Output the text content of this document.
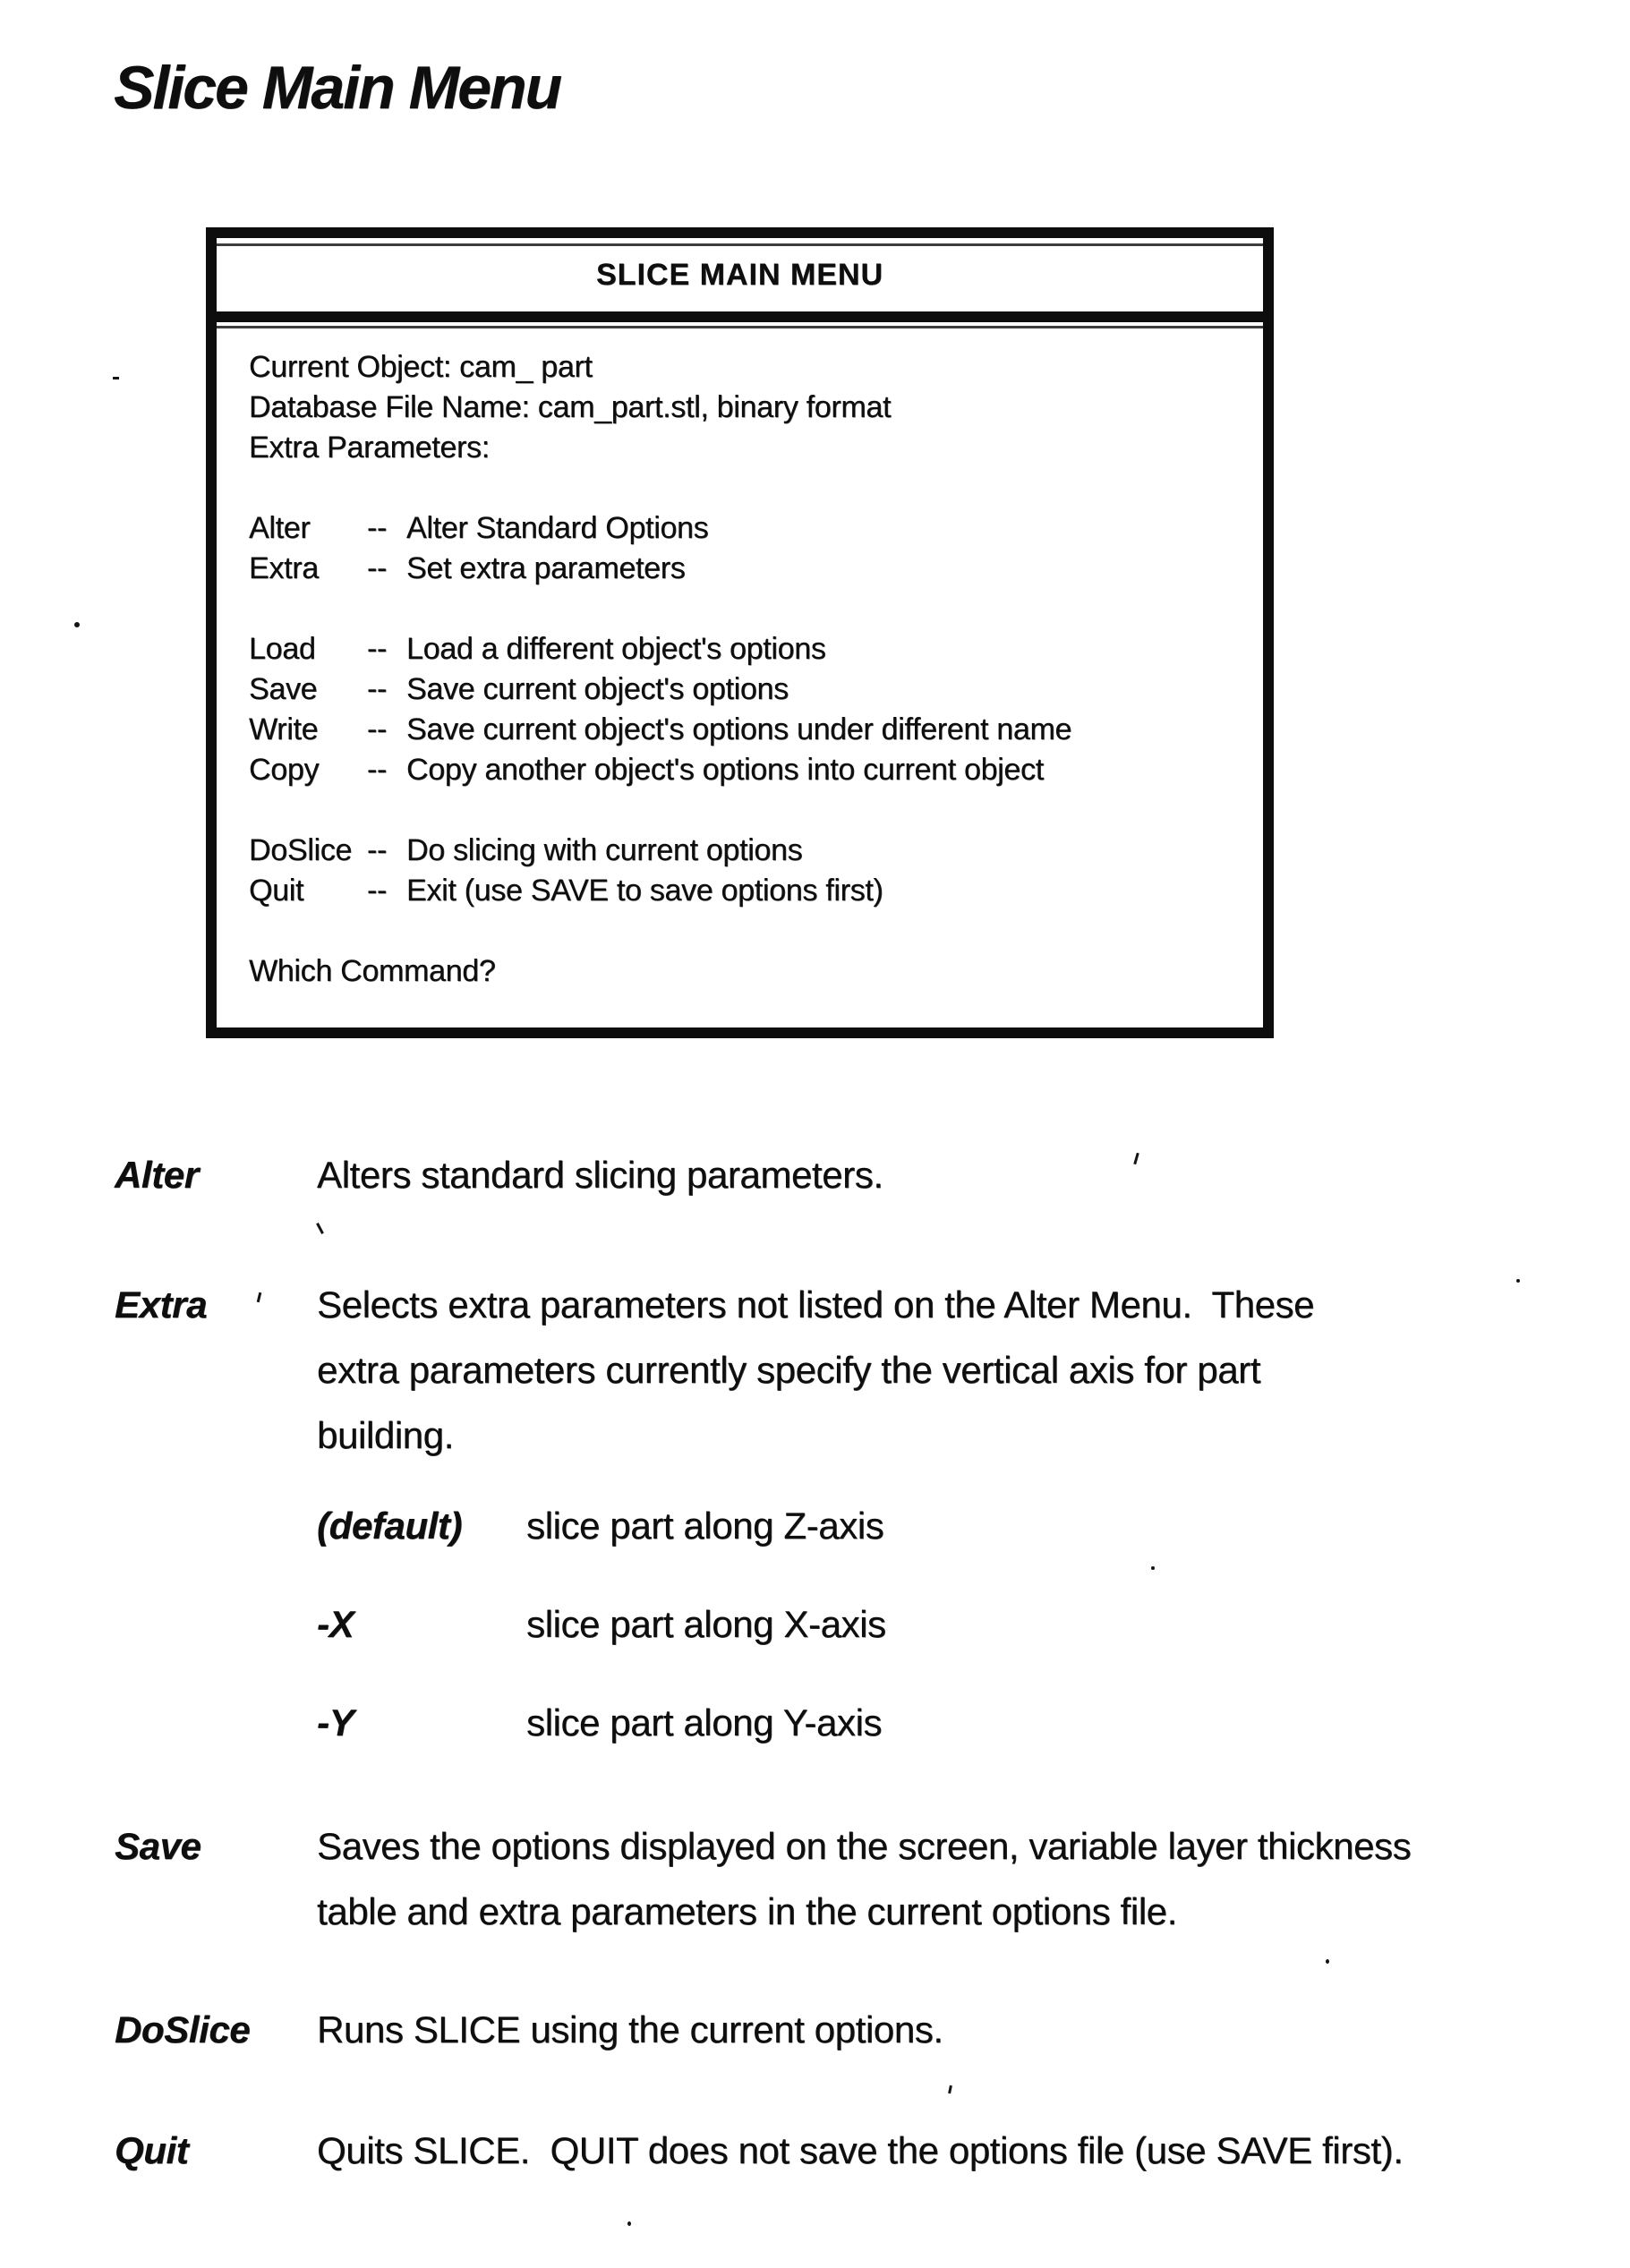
Slice Main Menu
SLICE MAIN MENU
Current Object: cam_ part
Database File Name: cam_part.stl, binary format
Extra Parameters:
Alter	-- Alter Standard Options
Extra	-- Set extra parameters
Load	-- Load a different object's options
Save	-- Save current object's options
Write	-- Save current object's options under different name
Copy	-- Copy another object's options into current object
DoSlice -- Do slicing with current options
Quit	-- Exit (use SAVE to save options first)
Which Command?
Alter	Alters standard slicing parameters.
Extra	Selects extra parameters not listed on the Alter Menu.  These
extra parameters currently specify the vertical axis for part
building.
(default) slice part along Z-axis
-X	slice part along X-axis
-Y	slice part along Y-axis
Save	Saves the options displayed on the screen, variable layer thickness
table and extra parameters in the current options file.
DoSlice Runs SLICE using the current options.
Quit	Quits SLICE.  QUIT does not save the options file (use SAVE first).
